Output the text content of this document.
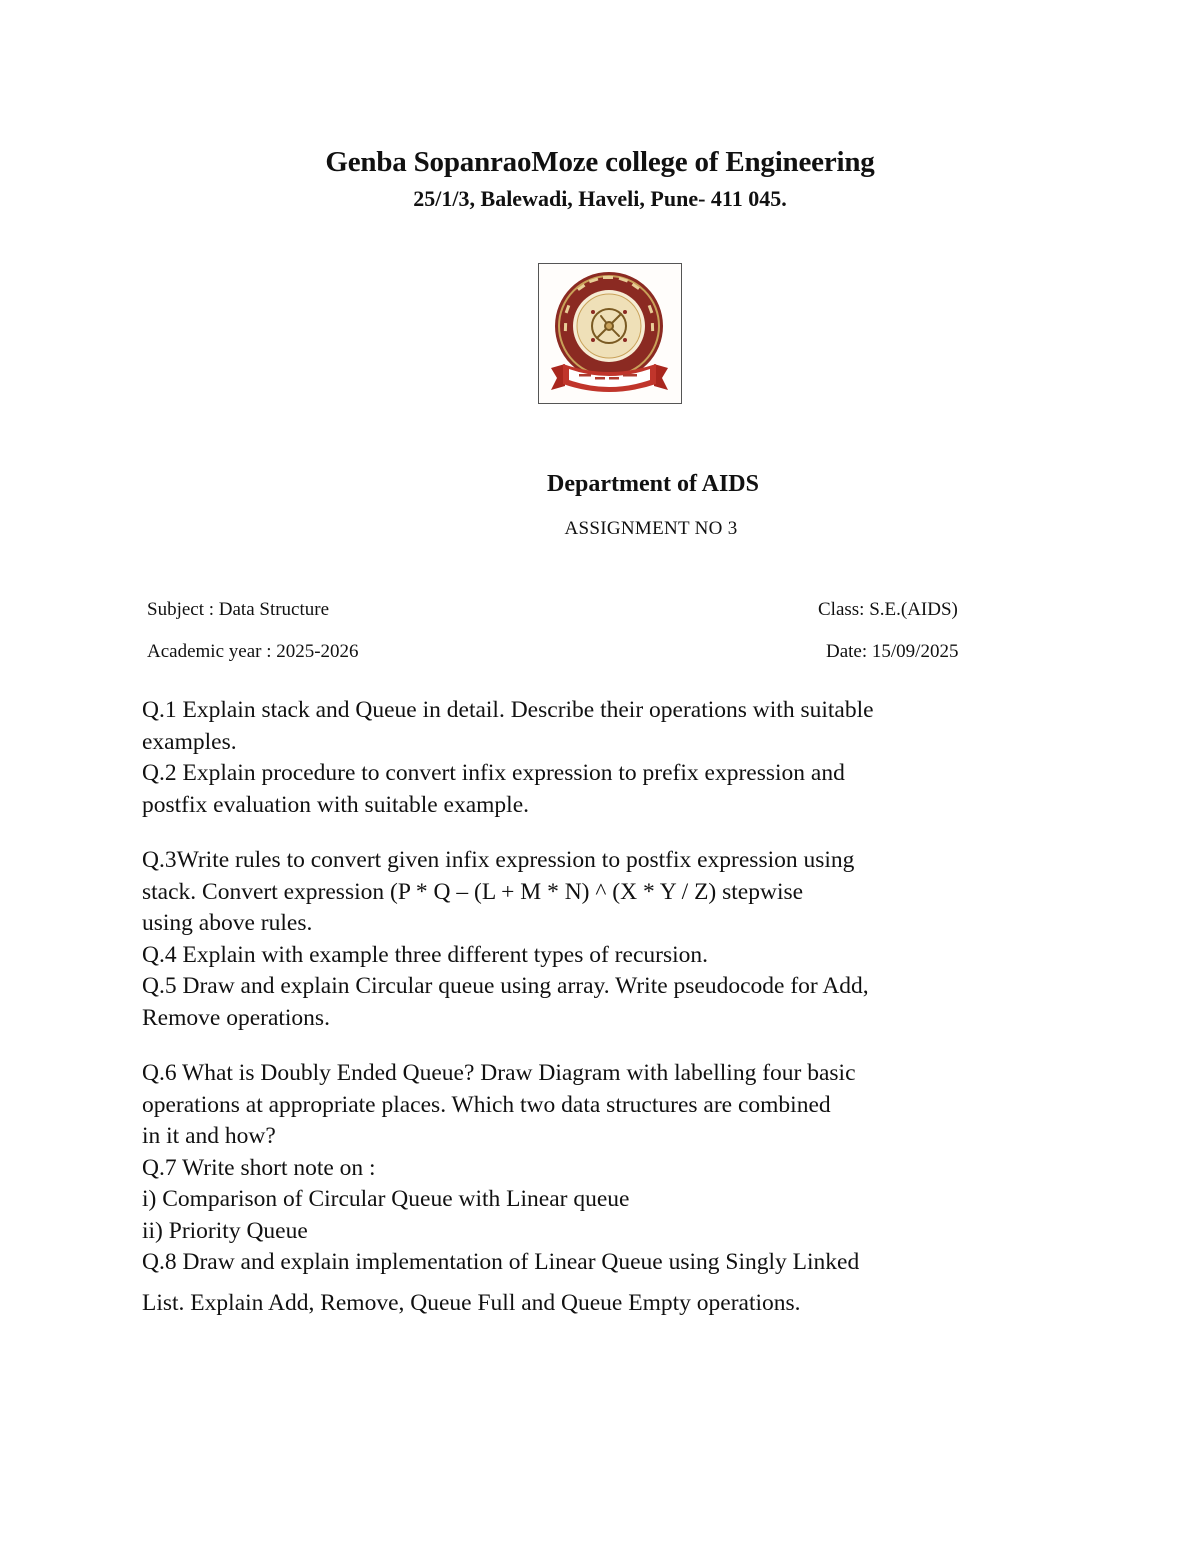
Genba SopanraoMoze college of Engineering
25/1/3, Balewadi, Haveli, Pune- 411 045.
Department of AIDS
ASSIGNMENT NO 3
Subject : Data Structure	Class: S.E.(AIDS)
Academic year : 2025-2026	Date: 15/09/2025
Q.1 Explain stack and Queue in detail. Describe their operations with suitable
examples.
Q.2 Explain procedure to convert infix expression to prefix expression and
postfix evaluation with suitable example.
Q.3Write rules to convert given infix expression to postfix expression using
stack. Convert expression (P * Q – (L + M * N) ^ (X * Y / Z) stepwise
using above rules.
Q.4 Explain with example three different types of recursion.
Q.5 Draw and explain Circular queue using array. Write pseudocode for Add,
Remove operations.
Q.6 What is Doubly Ended Queue? Draw Diagram with labelling four basic
operations at appropriate places. Which two data structures are combined
in it and how?
Q.7 Write short note on :
i) Comparison of Circular Queue with Linear queue
ii) Priority Queue
Q.8 Draw and explain implementation of Linear Queue using Singly Linked
List. Explain Add, Remove, Queue Full and Queue Empty operations.
